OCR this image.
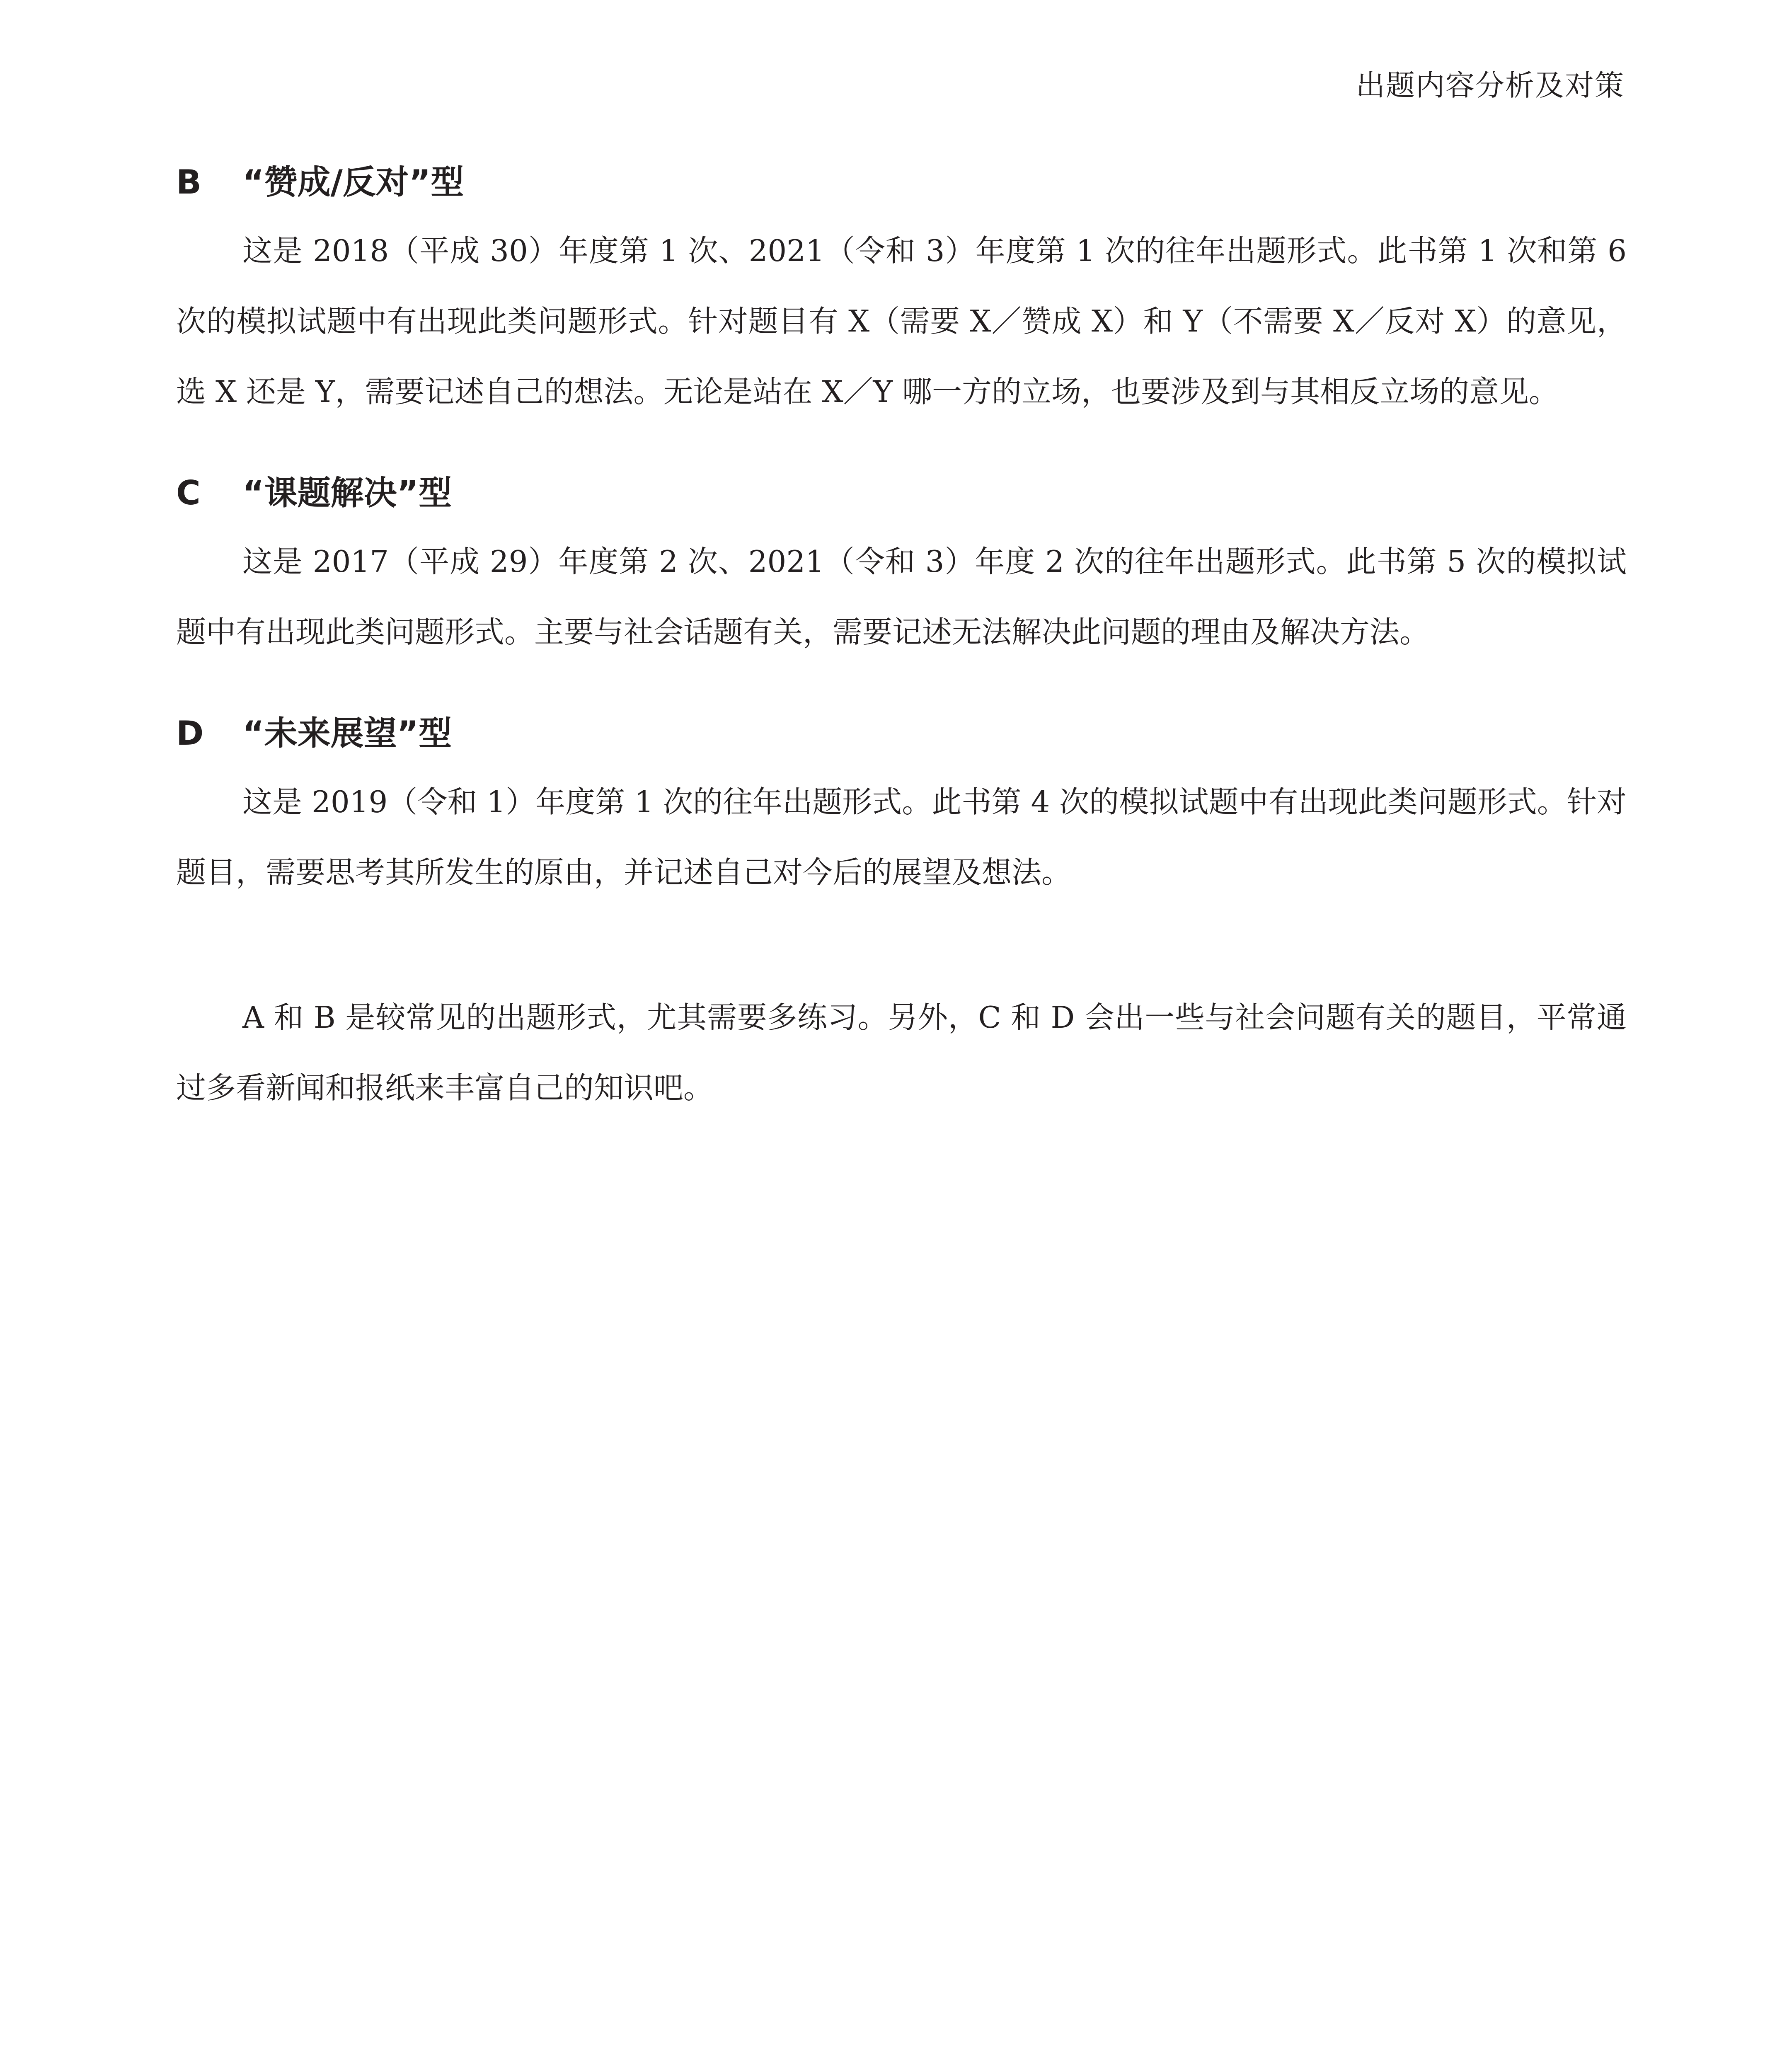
出题内容分析及对策
B	“赞成/反对”型

这是 2018（平成 30）年度第 1 次、2021（令和 3）年度第 1 次的往年出题形式。此书第 1 次和第 6 次的模拟试题中有出现此类问题形式。针对题目有 X（需要 X／赞成 X）和 Y（不需要 X／反对 X）的意见，选 X 还是 Y，需要记述自己的想法。无论是站在 X／Y 哪一方的立场，也要涉及到与其相反立场的意见。

C	“课题解决”型

这是 2017（平成 29）年度第 2 次、2021（令和 3）年度 2 次的往年出题形式。此书第 5 次的模拟试题中有出现此类问题形式。主要与社会话题有关，需要记述无法解决此问题的理由及解决方法。

D	“未来展望”型

这是 2019（令和 1）年度第 1 次的往年出题形式。此书第 4 次的模拟试题中有出现此类问题形式。针对题目，需要思考其所发生的原由，并记述自己对今后的展望及想法。

A 和 B 是较常见的出题形式，尤其需要多练习。另外，C 和 D 会出一些与社会问题有关的题目，平常通过多看新闻和报纸来丰富自己的知识吧。
